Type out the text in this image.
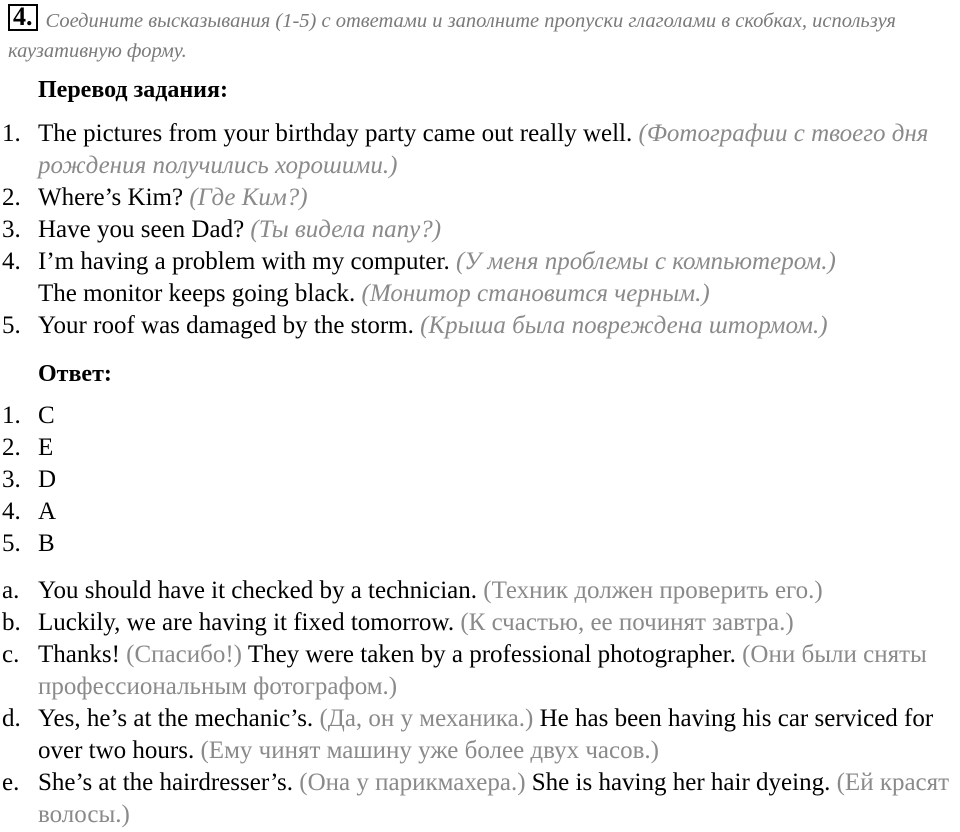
4. Соедините высказывания (1-5) с ответами и заполните пропуски глаголами в скобках, используя каузативную форму.
Перевод задания:
1. The pictures from your birthday party came out really well. (Фотографии с твоего дня рождения получились хорошими.)
2. Where’s Kim? (Где Ким?)
3. Have you seen Dad? (Ты видела папу?)
4. I’m having a problem with my computer. (У меня проблемы с компьютером.)
The monitor keeps going black. (Монитор становится черным.)
5. Your roof was damaged by the storm. (Крыша была повреждена штормом.)
Ответ:
1. C
2. E
3. D
4. A
5. B
a. You should have it checked by a technician. (Техник должен проверить его.)
b. Luckily, we are having it fixed tomorrow. (К счастью, ее починят завтра.)
c. Thanks! (Спасибо!) They were taken by a professional photographer. (Они были сняты профессиональным фотографом.)
d. Yes, he’s at the mechanic’s. (Да, он у механика.) He has been having his car serviced for over two hours. (Ему чинят машину уже более двух часов.)
e. She’s at the hairdresser’s. (Она у парикмахера.) She is having her hair dyeing. (Ей красят волосы.)
